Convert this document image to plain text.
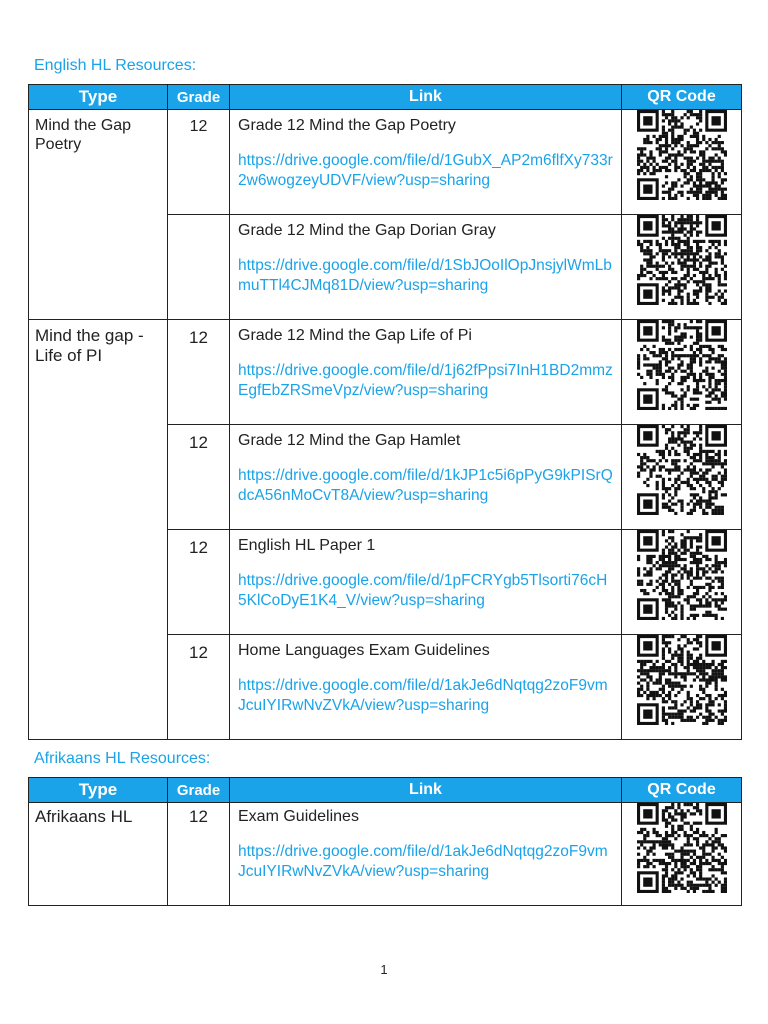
English HL Resources:
Type	Grade	Link	QR Code
Mind the Gap Poetry	12	Grade 12 Mind the Gap Poetry
https://drive.google.com/file/d/1GubX_AP2m6flfXy733r2w6wogzeyUDVF/view?usp=sharing

		Grade 12 Mind the Gap Dorian Gray
https://drive.google.com/file/d/1SbJOoIlOpJnsjylWmLbmuTTl4CJMq81D/view?usp=sharing

Mind the gap -Life of PI	12	Grade 12 Mind the Gap Life of Pi
https://drive.google.com/file/d/1j62fPpsi7InH1BD2mmzEgfEbZRSmeVpz/view?usp=sharing

	12	Grade 12 Mind the Gap Hamlet
https://drive.google.com/file/d/1kJP1c5i6pPyG9kPISrQdcA56nMoCvT8A/view?usp=sharing

	12	English HL Paper 1
https://drive.google.com/file/d/1pFCRYgb5Tlsorti76cH5KlCoDyE1K4_V/view?usp=sharing

	12	Home Languages Exam Guidelines
https://drive.google.com/file/d/1akJe6dNqtqg2zoF9vmJcuIYIRwNvZVkA/view?usp=sharing

Afrikaans HL Resources:
Type	Grade	Link	QR Code
Afrikaans HL	12	Exam Guidelines
https://drive.google.com/file/d/1akJe6dNqtqg2zoF9vmJcuIYIRwNvZVkA/view?usp=sharing

1
